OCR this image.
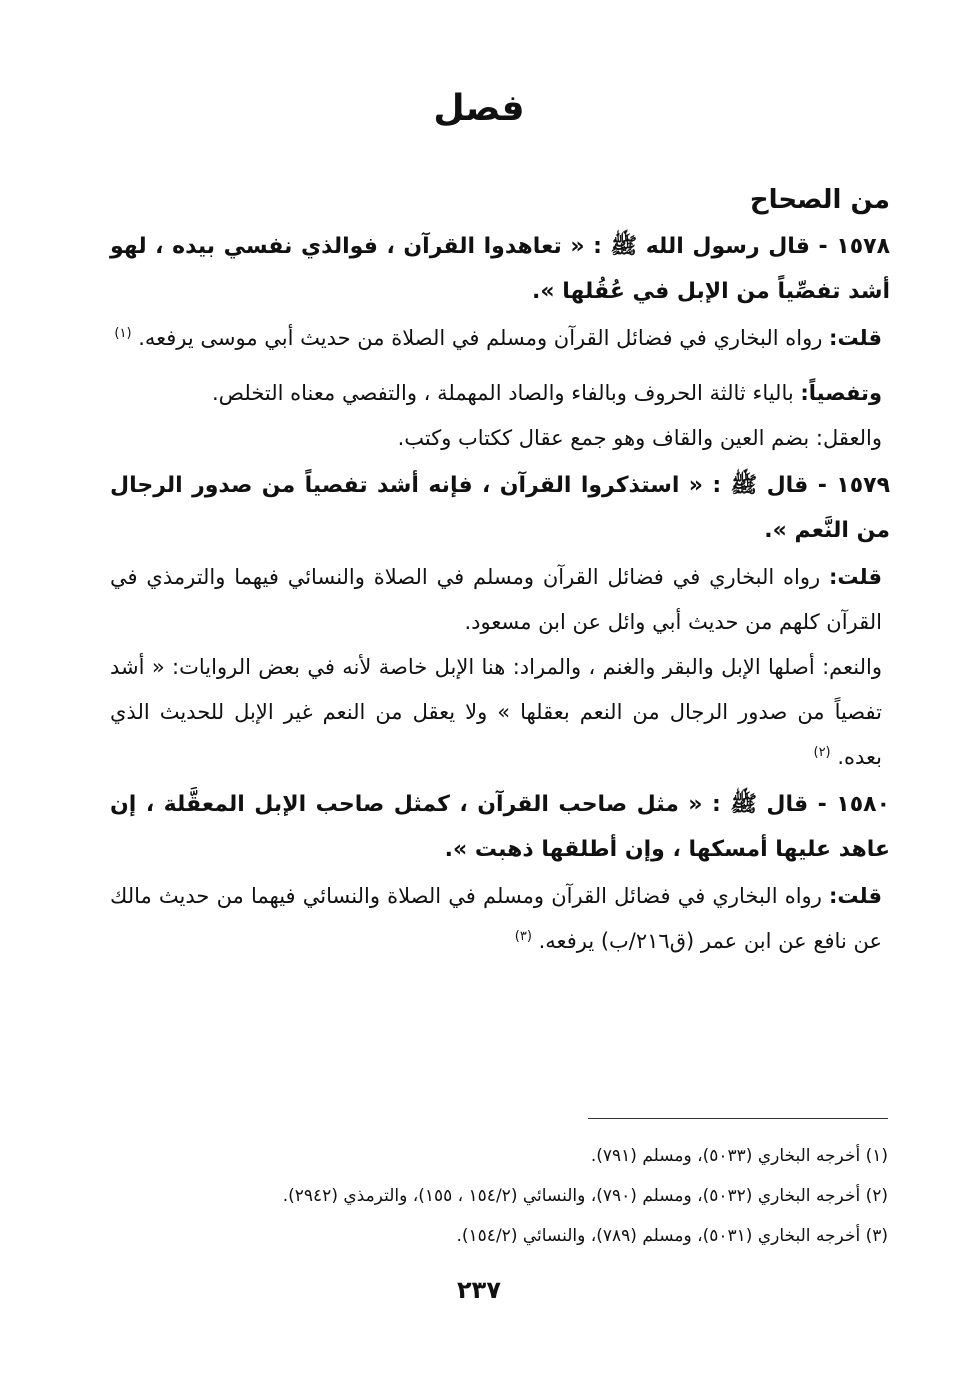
فصل

من الصحاح

١٥٧٨ - قال رسول الله ﷺ : « تعاهدوا القرآن ، فوالذي نفسي بيده ، لهو أشد تفصِّياً من الإبل في عُقُلها ».

قلت: رواه البخاري في فضائل القرآن ومسلم في الصلاة من حديث أبي موسى يرفعه. $^{(١)}$

وتفصياً: بالياء ثالثة الحروف وبالفاء والصاد المهملة ، والتفصي معناه التخلص.

والعقل: بضم العين والقاف وهو جمع عقال ككتاب وكتب.

١٥٧٩ - قال ﷺ : « استذكروا القرآن ، فإنه أشد تفصياً من صدور الرجال من النَّعم ».

قلت: رواه البخاري في فضائل القرآن ومسلم في الصلاة والنسائي فيهما والترمذي في القرآن كلهم من حديث أبي وائل عن ابن مسعود.

والنعم: أصلها الإبل والبقر والغنم ، والمراد: هنا الإبل خاصة لأنه في بعض الروايات: « أشد تفصياً من صدور الرجال من النعم بعقلها » ولا يعقل من النعم غير الإبل للحديث الذي بعده. $^{(٢)}$

١٥٨٠ - قال ﷺ : « مثل صاحب القرآن ، كمثل صاحب الإبل المعقَّلة ، إن عاهد عليها أمسكها ، وإن أطلقها ذهبت ».

قلت: رواه البخاري في فضائل القرآن ومسلم في الصلاة والنسائي فيهما من حديث مالك عن نافع عن ابن عمر (ق٢١٦/ب) يرفعه. $^{(٣)}$

(١) أخرجه البخاري (٥٠٣٣)، ومسلم (٧٩١).

(٢) أخرجه البخاري (٥٠٣٢)، ومسلم (٧٩٠)، والنسائي (١٥٤/٢ ، ١٥٥)، والترمذي (٢٩٤٢).

(٣) أخرجه البخاري (٥٠٣١)، ومسلم (٧٨٩)، والنسائي (١٥٤/٢).

٢٣٧
